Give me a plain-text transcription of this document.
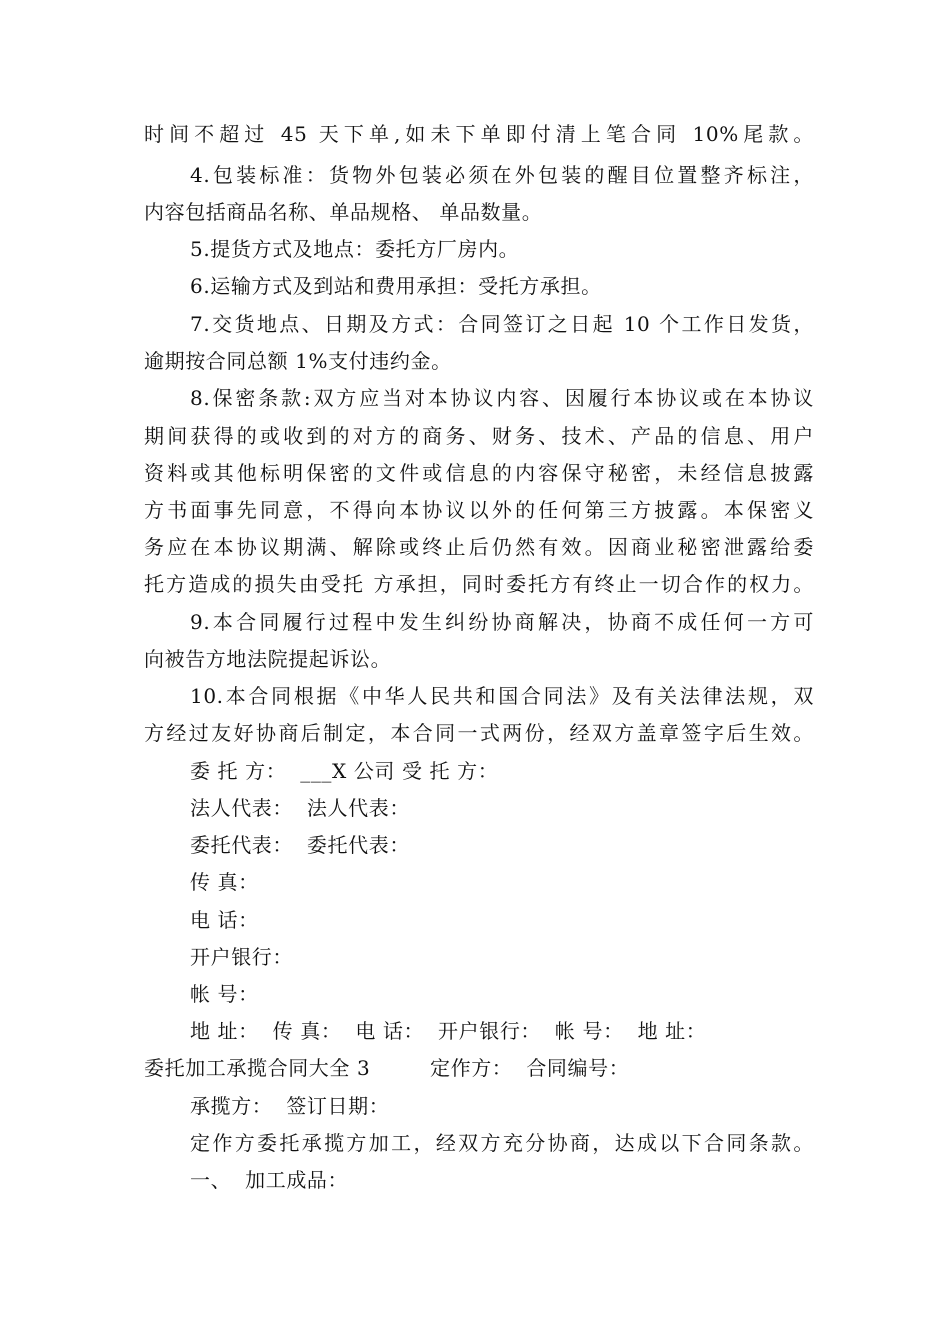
时间不超过 45 天下单,如未下单即付清上笔合同 10%尾款。
4.包装标准：货物外包装必须在外包装的醒目位置整齐标注，
内容包括商品名称、单品规格、 单品数量。
5.提货方式及地点：委托方厂房内。
6.运输方式及到站和费用承担：受托方承担。
7.交货地点、日期及方式：合同签订之日起 10 个工作日发货，
逾期按合同总额 1%支付违约金。
8.保密条款:双方应当对本协议内容、因履行本协议或在本协议
期间获得的或收到的对方的商务、财务、技术、产品的信息、用户
资料或其他标明保密的文件或信息的内容保守秘密，未经信息披露
方书面事先同意，不得向本协议以外的任何第三方披露。本保密义
务应在本协议期满、解除或终止后仍然有效。因商业秘密泄露给委
托方造成的损失由受托 方承担，同时委托方有终止一切合作的权力。
9.本合同履行过程中发生纠纷协商解决，协商不成任何一方可
向被告方地法院提起诉讼。
10.本合同根据《中华人民共和国合同法》及有关法律法规，双
方经过友好协商后制定，本合同一式两份，经双方盖章签字后生效。
委 托 方：  ___X 公司 受 托 方：
法人代表：  法人代表：
委托代表：  委托代表：
传 真：
电 话：
开户银行：
帐 号：
地 址：  传 真：  电 话：  开户银行：  帐 号：  地 址：
委托加工承揽合同大全 3	定作方：  合同编号：
承揽方：  签订日期：
定作方委托承揽方加工，经双方充分协商，达成以下合同条款。
一、  加工成品：
